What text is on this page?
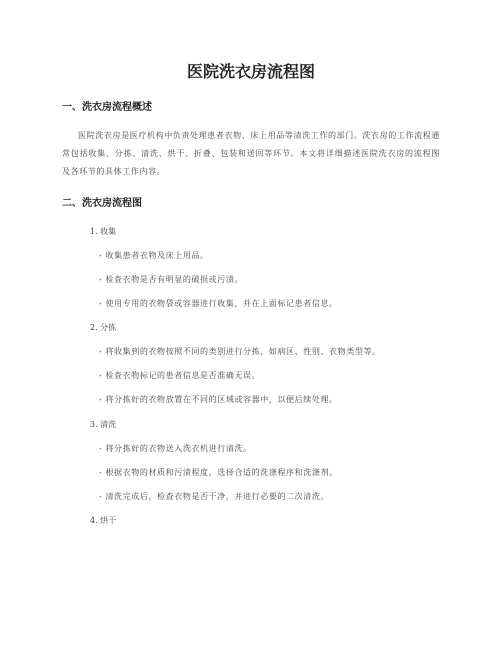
医院洗衣房流程图
一、洗衣房流程概述

医院洗衣房是医疗机构中负责处理患者衣物、床上用品等清洗工作的部门。洗衣房的工作流程通常包括收集、分拣、清洗、烘干、折叠、包装和送回等环节。本文将详细描述医院洗衣房的流程图及各环节的具体工作内容。

二、洗衣房流程图

1. 收集

- 收集患者衣物及床上用品。

- 检查衣物是否有明显的破损或污渍。

- 使用专用的衣物袋或容器进行收集，并在上面标记患者信息。

2. 分拣

- 将收集到的衣物按照不同的类别进行分拣，如病区、性别、衣物类型等。

- 检查衣物标记的患者信息是否准确无误。

- 将分拣好的衣物放置在不同的区域或容器中，以便后续处理。

3. 清洗

- 将分拣好的衣物送入洗衣机进行清洗。

- 根据衣物的材质和污渍程度，选择合适的洗涤程序和洗涤剂。

- 清洗完成后，检查衣物是否干净，并进行必要的二次清洗。

4. 烘干
